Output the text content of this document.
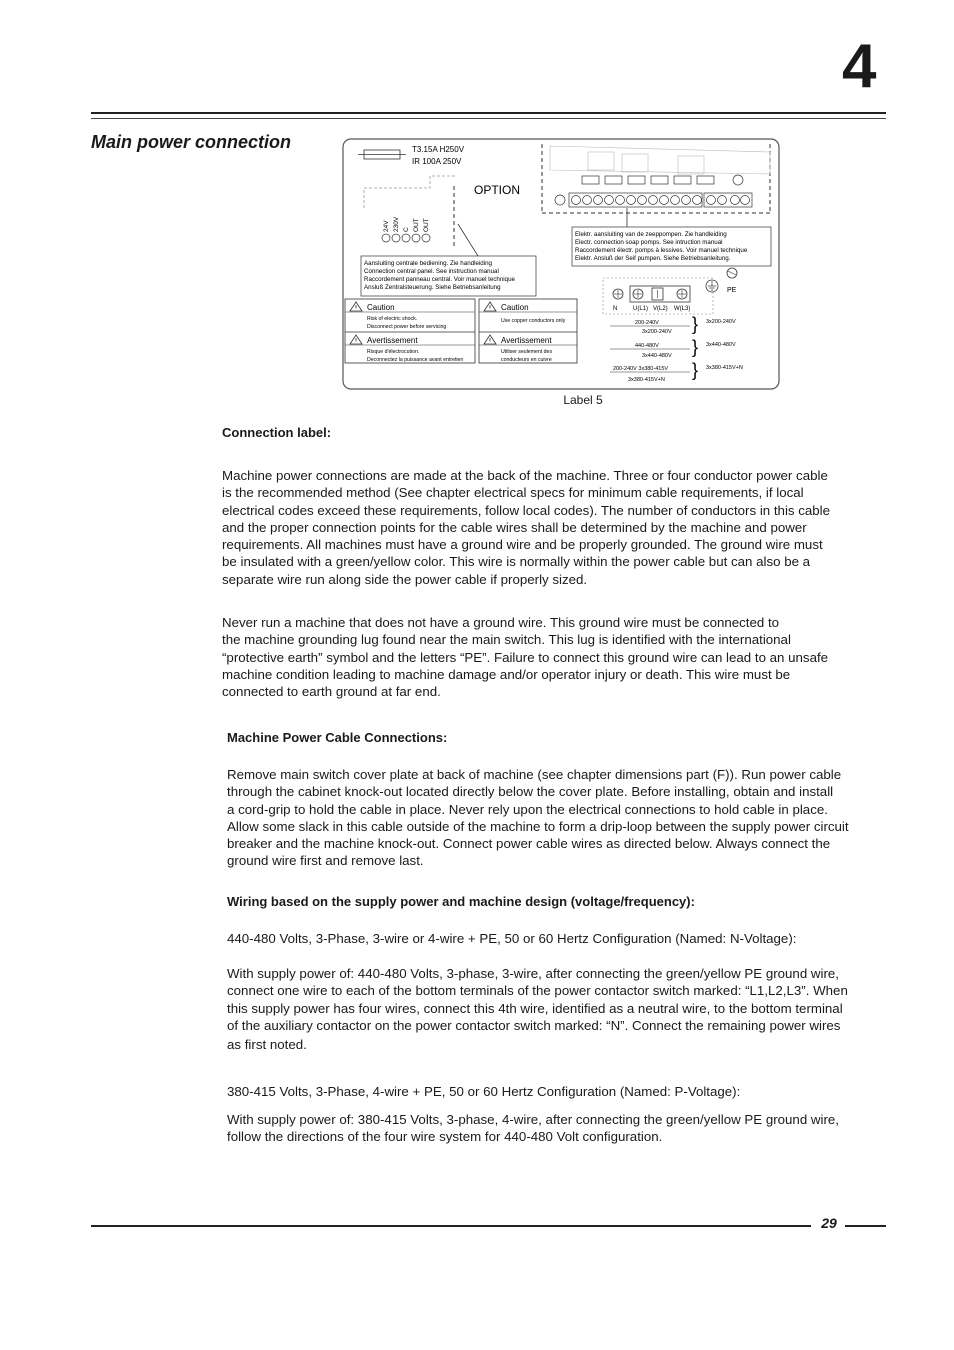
4
Main power connection	T3.15A H250V
IR 100A 250V
OPTION
24V 230V C OUT OUT
Elektr. aansluiting van de zeeppompen. Zie handleiding
Electr. connection soap pomps. See intruction manual
Raccordement électr. pomps à lessives. Voir manuel technique
Elektr. Ansluß der Seif pumpen. Siehe Betriebsanleitung.
Aansluiting centrale bediening. Zie handleiding
Connection central panel. See instruction manual
Raccordement panneau central. Voir manuel technique
Ansluß Zentralsteuerung. Siehe Betriebsanleitung
Caution
Risk of electric shock.
Disconnect power before servicing
Avertissement
Risque d'électrocution.
Deconnectez la puissance avant entretien
Caution
Use copper conductors only
Avertissement
Utiliser seulement des
conducteurs en cuivre
N	U(L1) V(L2) W(L3)
PE
200-240V
3x200-240V } 3x200-240V
440-480V
3x440-480V } 3x440-480V
200-240V 3x380-415V
3x380-415V+N } 3x380-415V+N
Label 5
Connection label:

Machine power connections are made at the back of the machine. Three or four conductor power cable

is the recommended method (See chapter electrical specs for minimum cable requirements, if local

electrical codes exceed these requirements, follow local codes). The number of conductors in this cable

and the proper connection points for the cable wires shall be determined by the machine and power

requirements. All machines must have a ground wire and be properly grounded. The ground wire must

be insulated with a green/yellow color. This wire is normally within the power cable but can also be a

separate wire run along side the power cable if properly sized.

Never run a machine that does not have a ground wire. This ground wire must be connected to

the machine grounding lug found near the main switch. This lug is identified with the international

“protective earth” symbol and the letters “PE”. Failure to connect this ground wire can lead to an unsafe

machine condition leading to machine damage and/or operator injury or death. This wire must be

connected to earth ground at far end.

Machine Power Cable Connections:

Remove main switch cover plate at back of machine (see chapter dimensions part (F)). Run power cable

through the cabinet knock-out located directly below the cover plate. Before installing, obtain and install

a cord-grip to hold the cable in place. Never rely upon the electrical connections to hold cable in place.

Allow some slack in this cable outside of the machine to form a drip-loop between the supply power circuit

breaker and the machine knock-out. Connect power cable wires as directed below. Always connect the

ground wire first and remove last.

Wiring based on the supply power and machine design (voltage/frequency):
440-480 Volts, 3-Phase, 3-wire or 4-wire + PE, 50 or 60 Hertz Configuration (Named: N-Voltage):

With supply power of: 440-480 Volts, 3-phase, 3-wire, after connecting the green/yellow PE ground wire,

connect one wire to each of the bottom terminals of the power contactor switch marked: “L1,L2,L3”. When

this supply power has four wires, connect this 4th wire, identified as a neutral wire, to the bottom terminal

of the auxiliary contactor on the power contactor switch marked: “N”. Connect the remaining power wires

as first noted.

380-415 Volts, 3-Phase, 4-wire + PE, 50 or 60 Hertz Configuration (Named: P-Voltage):

With supply power of: 380-415 Volts, 3-phase, 4-wire, after connecting the green/yellow PE ground wire,

follow the directions of the four wire system for 440-480 Volt configuration.

29
